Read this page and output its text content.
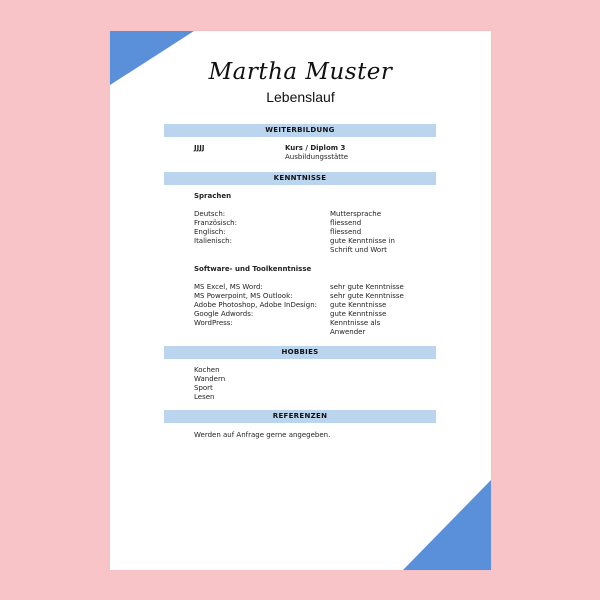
Martha Muster
Lebenslauf
WEITERBILDUNG
JJJJ	Kurs / Diplom 3
Ausbildungsstätte
KENNTNISSE
Sprachen
Deutsch:	Muttersprache
Französisch:	fliessend
Englisch:	fliessend
Italienisch:	gute Kenntnisse in
Schrift und Wort
Software- und Toolkenntnisse
MS Excel, MS Word:	sehr gute Kenntnisse
MS Powerpoint, MS Outlook:	sehr gute Kenntnisse
Adobe Photoshop, Adobe InDesign: gute Kenntnisse
Google Adwords:	gute Kenntnisse
WordPress:	Kenntnisse als
Anwender
HOBBIES
Kochen
Wandern
Sport
Lesen
REFERENZEN
Werden auf Anfrage gerne angegeben.
